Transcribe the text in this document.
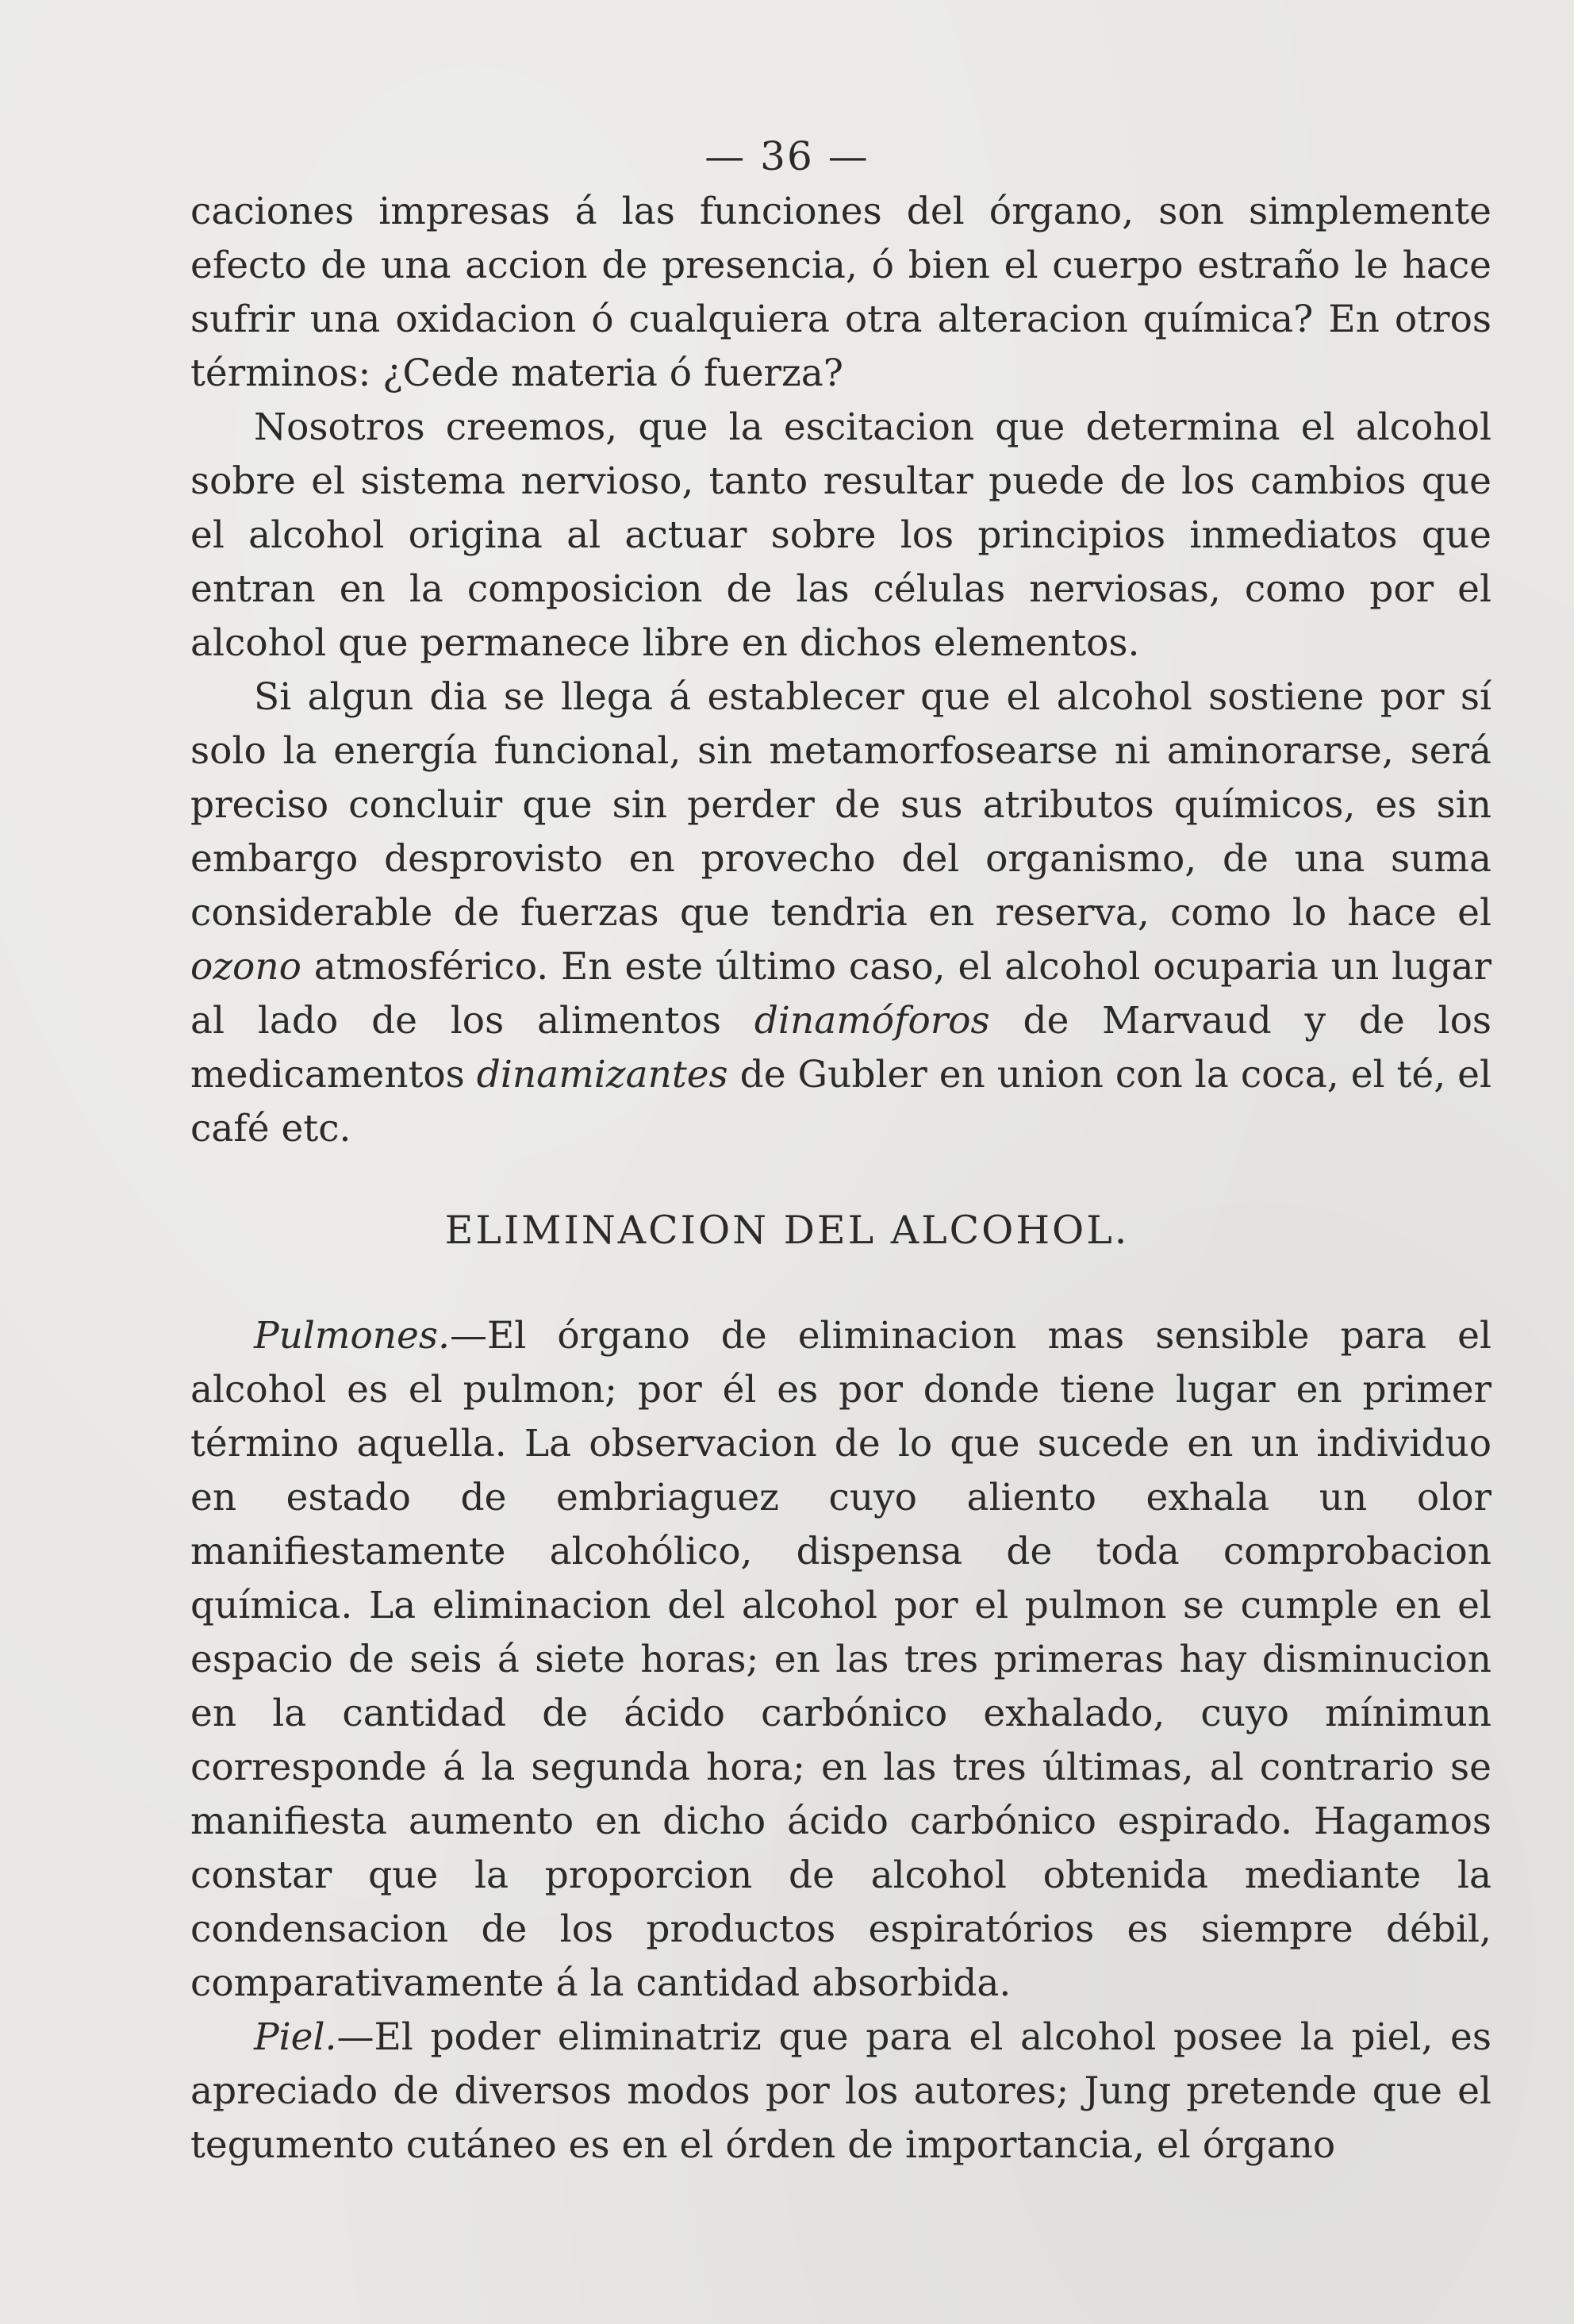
— 36 —

caciones impresas á las funciones del órgano, son simplemente efecto de una accion de presencia, ó bien el cuerpo estraño le hace sufrir una oxidacion ó cualquiera otra alteracion química? En otros términos: ¿Cede materia ó fuerza?

Nosotros creemos, que la escitacion que determina el alcohol sobre el sistema nervioso, tanto resultar puede de los cambios que el alcohol origina al actuar sobre los principios inmediatos que entran en la composicion de las células nerviosas, como por el alcohol que permanece libre en dichos elementos.

Si algun dia se llega á establecer que el alcohol sostiene por sí solo la energía funcional, sin metamorfosearse ni aminorarse, será preciso concluir que sin perder de sus atributos químicos, es sin embargo desprovisto en provecho del organismo, de una suma considerable de fuerzas que tendria en reserva, como lo hace el ozono atmosférico. En este último caso, el alcohol ocuparia un lugar al lado de los alimentos dinamóforos de Marvaud y de los medicamentos dinamizantes de Gubler en union con la coca, el té, el café etc.

ELIMINACION DEL ALCOHOL.

Pulmones.—El órgano de eliminacion mas sensible para el alcohol es el pulmon; por él es por donde tiene lugar en primer término aquella. La observacion de lo que sucede en un individuo en estado de embriaguez cuyo aliento exhala un olor manifiestamente alcohólico, dispensa de toda comprobacion química. La eliminacion del alcohol por el pulmon se cumple en el espacio de seis á siete horas; en las tres primeras hay disminucion en la cantidad de ácido carbónico exhalado, cuyo mínimun corresponde á la segunda hora; en las tres últimas, al contrario se manifiesta aumento en dicho ácido carbónico espirado. Hagamos constar que la proporcion de alcohol obtenida mediante la condensacion de los productos espiratórios es siempre débil, comparativamente á la cantidad absorbida.

Piel.—El poder eliminatriz que para el alcohol posee la piel, es apreciado de diversos modos por los autores; Jung pretende que el tegumento cutáneo es en el órden de importancia, el órgano
